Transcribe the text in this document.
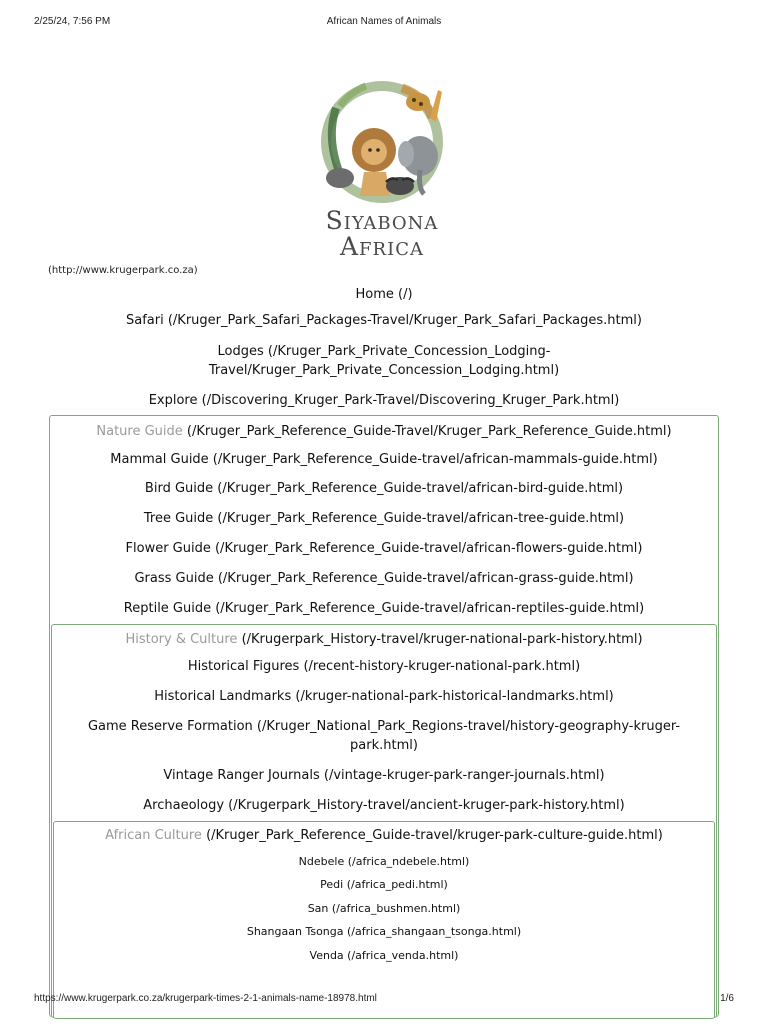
2/25/24, 7:56 PM	African Names of Animals
Siyabona
Africa
(http://www.krugerpark.co.za)
Home (/)
Safari (/Kruger_Park_Safari_Packages-Travel/Kruger_Park_Safari_Packages.html)
Lodges (/Kruger_Park_Private_Concession_Lodging-
Travel/Kruger_Park_Private_Concession_Lodging.html)
Explore (/Discovering_Kruger_Park-Travel/Discovering_Kruger_Park.html)
Nature Guide (/Kruger_Park_Reference_Guide-Travel/Kruger_Park_Reference_Guide.html)
Mammal Guide (/Kruger_Park_Reference_Guide-travel/african-mammals-guide.html)
Bird Guide (/Kruger_Park_Reference_Guide-travel/african-bird-guide.html)
Tree Guide (/Kruger_Park_Reference_Guide-travel/african-tree-guide.html)
Flower Guide (/Kruger_Park_Reference_Guide-travel/african-flowers-guide.html)
Grass Guide (/Kruger_Park_Reference_Guide-travel/african-grass-guide.html)
Reptile Guide (/Kruger_Park_Reference_Guide-travel/african-reptiles-guide.html)
History & Culture (/Krugerpark_History-travel/kruger-national-park-history.html)
Historical Figures (/recent-history-kruger-national-park.html)
Historical Landmarks (/kruger-national-park-historical-landmarks.html)
Game Reserve Formation (/Kruger_National_Park_Regions-travel/history-geography-kruger-
park.html)
Vintage Ranger Journals (/vintage-kruger-park-ranger-journals.html)
Archaeology (/Krugerpark_History-travel/ancient-kruger-park-history.html)
African Culture (/Kruger_Park_Reference_Guide-travel/kruger-park-culture-guide.html)
Ndebele (/africa_ndebele.html)
Pedi (/africa_pedi.html)
San (/africa_bushmen.html)
Shangaan Tsonga (/africa_shangaan_tsonga.html)
Venda (/africa_venda.html)
https://www.krugerpark.co.za/krugerpark-times-2-1-animals-name-18978.html	1/6
